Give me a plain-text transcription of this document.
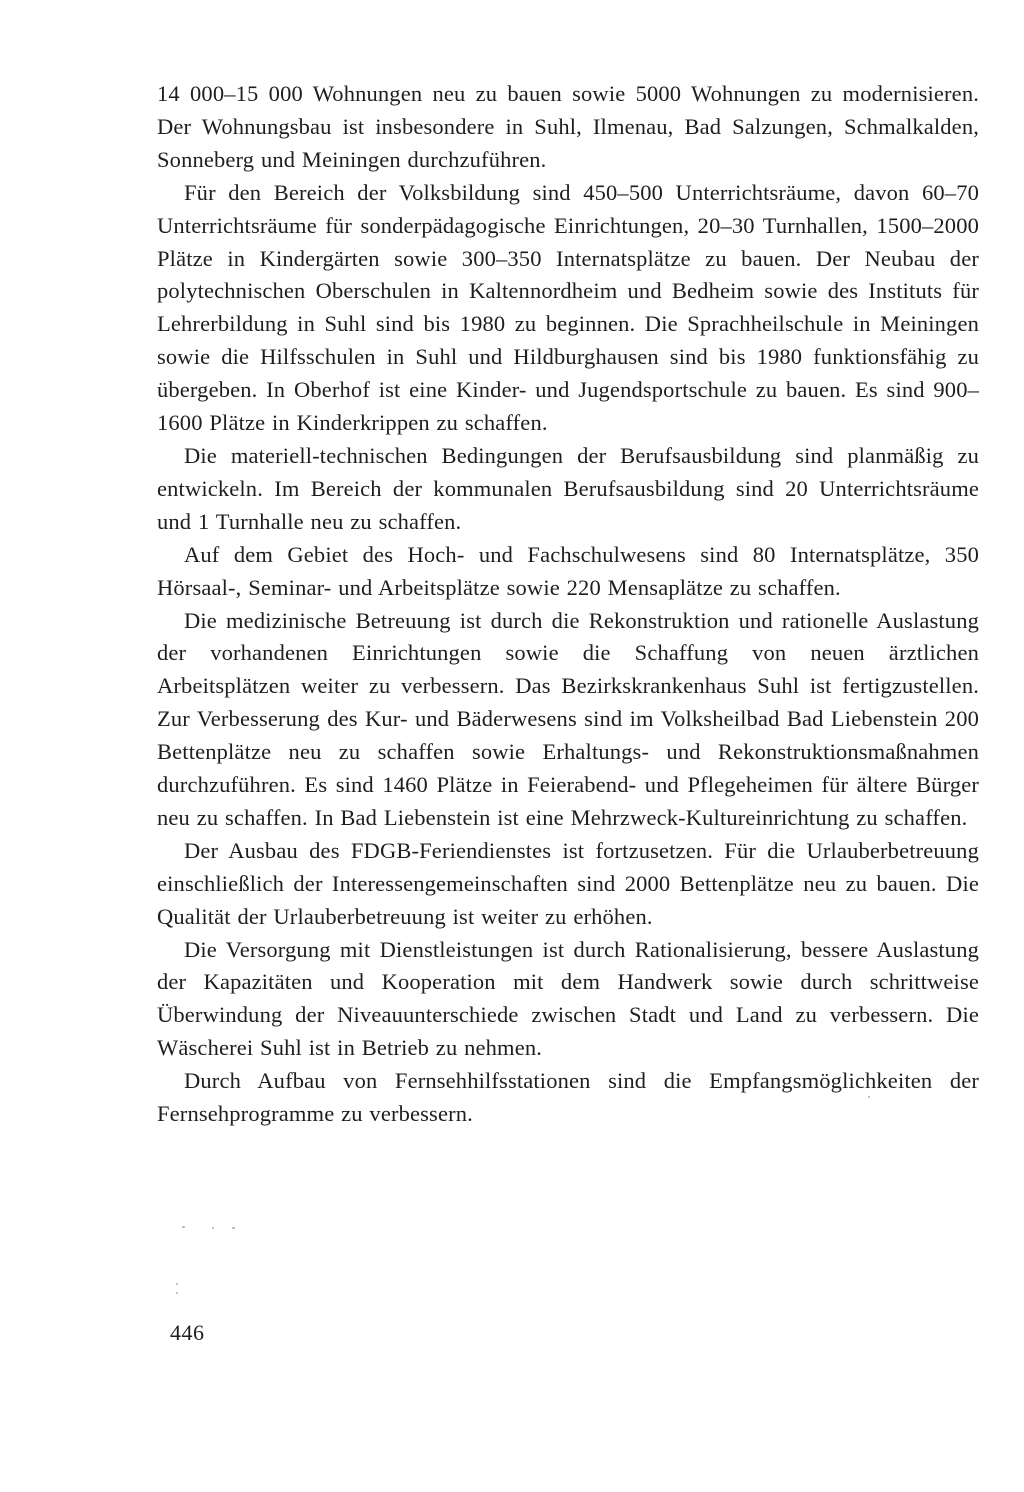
14 000–15 000 Wohnungen neu zu bauen sowie 5000 Wohnungen zu modernisieren. Der Wohnungsbau ist insbesondere in Suhl, Ilmenau, Bad Salzungen, Schmalkalden, Sonneberg und Meiningen durchzuführen.

Für den Bereich der Volksbildung sind 450–500 Unterrichtsräume, davon 60–70 Unterrichtsräume für sonderpädagogische Einrichtungen, 20–30 Turnhallen, 1500–2000 Plätze in Kindergärten sowie 300–350 Internatsplätze zu bauen. Der Neubau der polytechnischen Oberschulen in Kaltennordheim und Bedheim sowie des Instituts für Lehrerbildung in Suhl sind bis 1980 zu beginnen. Die Sprachheilschule in Meiningen sowie die Hilfsschulen in Suhl und Hildburghausen sind bis 1980 funktionsfähig zu übergeben. In Oberhof ist eine Kinder- und Jugendsportschule zu bauen. Es sind 900–1600 Plätze in Kinderkrippen zu schaffen.

Die materiell-technischen Bedingungen der Berufsausbildung sind planmäßig zu entwickeln. Im Bereich der kommunalen Berufsausbildung sind 20 Unterrichtsräume und 1 Turnhalle neu zu schaffen.

Auf dem Gebiet des Hoch- und Fachschulwesens sind 80 Internatsplätze, 350 Hörsaal-, Seminar- und Arbeitsplätze sowie 220 Mensaplätze zu schaffen.

Die medizinische Betreuung ist durch die Rekonstruktion und rationelle Auslastung der vorhandenen Einrichtungen sowie die Schaffung von neuen ärztlichen Arbeitsplätzen weiter zu verbessern. Das Bezirkskrankenhaus Suhl ist fertigzustellen. Zur Verbesserung des Kur- und Bäderwesens sind im Volksheilbad Bad Liebenstein 200 Bettenplätze neu zu schaffen sowie Erhaltungs- und Rekonstruktionsmaßnahmen durchzuführen. Es sind 1460 Plätze in Feierabend- und Pflegeheimen für ältere Bürger neu zu schaffen. In Bad Liebenstein ist eine Mehrzweck-Kultureinrichtung zu schaffen.

Der Ausbau des FDGB-Feriendienstes ist fortzusetzen. Für die Urlauberbetreuung einschließlich der Interessengemeinschaften sind 2000 Bettenplätze neu zu bauen. Die Qualität der Urlauberbetreuung ist weiter zu erhöhen.

Die Versorgung mit Dienstleistungen ist durch Rationalisierung, bessere Auslastung der Kapazitäten und Kooperation mit dem Handwerk sowie durch schrittweise Überwindung der Niveauunterschiede zwischen Stadt und Land zu verbessern. Die Wäscherei Suhl ist in Betrieb zu nehmen.

Durch Aufbau von Fernsehhilfsstationen sind die Empfangsmöglichkeiten der Fernsehprogramme zu verbessern.

446
